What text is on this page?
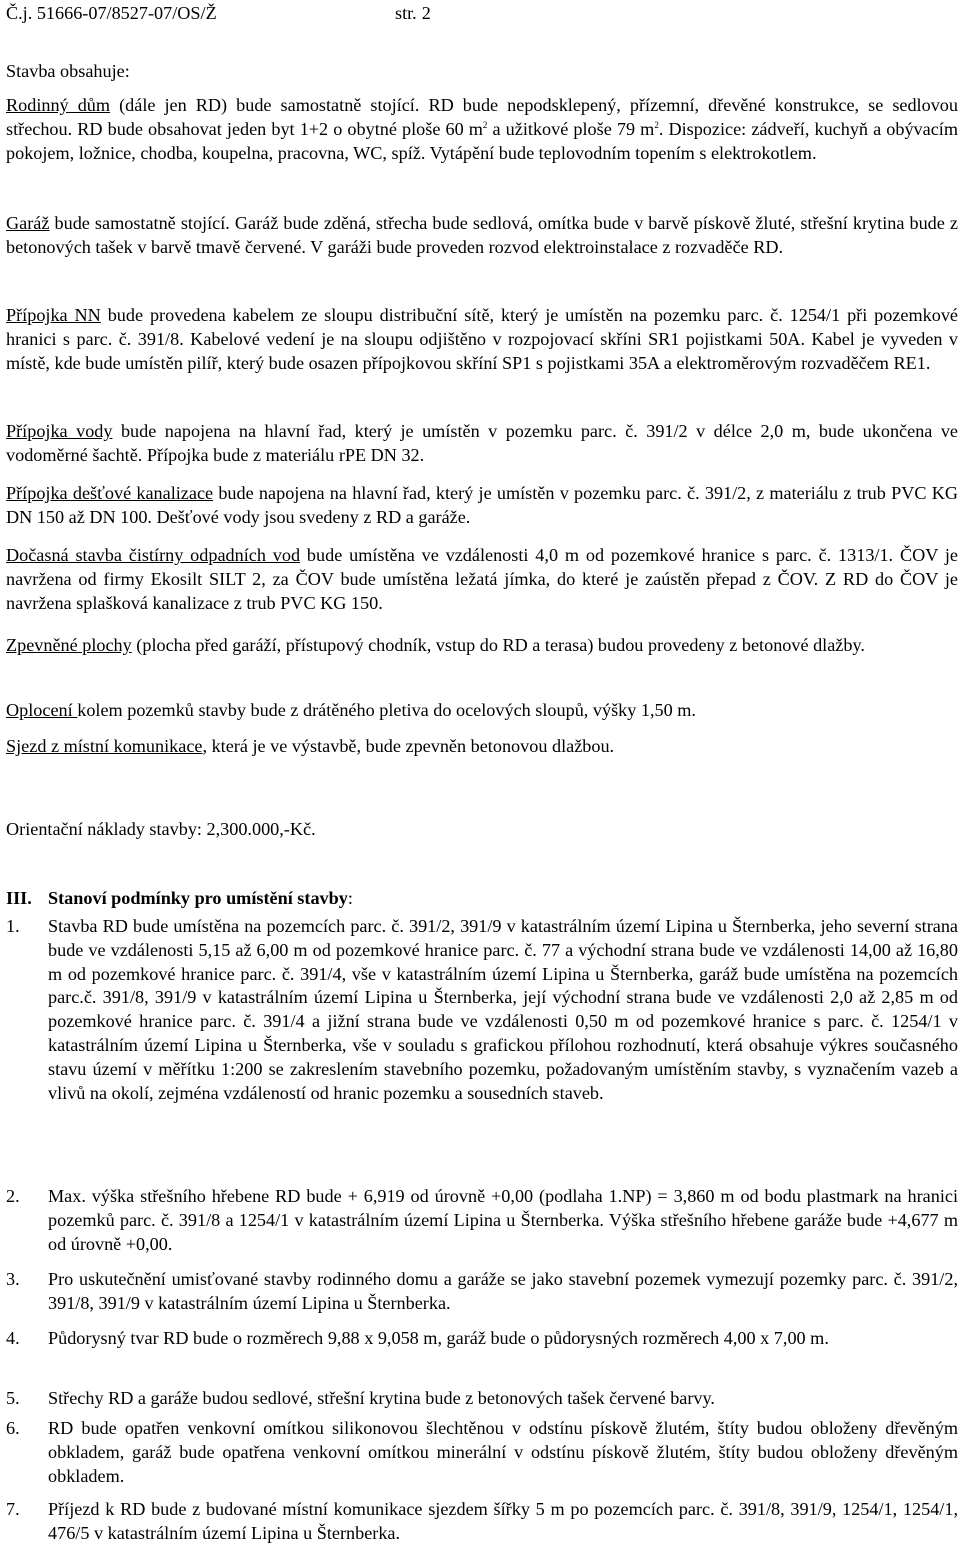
Č.j. 51666-07/8527-07/OS/Ž	str. 2
Stavba obsahuje:
Rodinný dům (dále jen RD) bude samostatně stojící. RD bude nepodsklepený, přízemní, dřevěné konstrukce, se sedlovou střechou. RD bude obsahovat jeden byt 1+2 o obytné ploše 60 $m^2$ a užitkové ploše 79 $m^2$. Dispozice: zádveří, kuchyň a obývacím pokojem, ložnice, chodba, koupelna, pracovna, WC, spíž. Vytápění bude teplovodním topením s elektrokotlem.
Garáž bude samostatně stojící. Garáž bude zděná, střecha bude sedlová, omítka bude v barvě pískově žluté, střešní krytina bude z betonových tašek v barvě tmavě červené. V garáži bude proveden rozvod elektroinstalace z rozvaděče RD.
Přípojka NN bude provedena kabelem ze sloupu distribuční sítě, který je umístěn na pozemku parc. č. 1254/1 při pozemkové hranici s parc. č. 391/8. Kabelové vedení je na sloupu odjištěno v rozpojovací skříni SR1 pojistkami 50A. Kabel je vyveden v místě, kde bude umístěn pilíř, který bude osazen přípojkovou skříní SP1 s pojistkami 35A a elektroměrovým rozvaděčem RE1.
Přípojka vody bude napojena na hlavní řad, který je umístěn v pozemku parc. č. 391/2 v délce 2,0 m, bude ukončena ve vodoměrné šachtě. Přípojka bude z materiálu rPE DN 32.
Přípojka dešťové kanalizace bude napojena na hlavní řad, který je umístěn v pozemku parc. č. 391/2, z materiálu z trub PVC KG DN 150 až DN 100. Dešťové vody jsou svedeny z RD a garáže.
Dočasná stavba čistírny odpadních vod bude umístěna ve vzdálenosti 4,0 m od pozemkové hranice s parc. č. 1313/1. ČOV je navržena od firmy Ekosilt SILT 2, za ČOV bude umístěna ležatá jímka, do které je zaústěn přepad z ČOV. Z RD do ČOV je navržena splašková kanalizace z trub PVC KG 150.
Zpevněné plochy (plocha před garáží, přístupový chodník, vstup do RD a terasa) budou provedeny z betonové dlažby.
Oplocení kolem pozemků stavby bude z drátěného pletiva do ocelových sloupů, výšky 1,50 m.
Sjezd z místní komunikace, která je ve výstavbě, bude zpevněn betonovou dlažbou.
Orientační náklady stavby: 2,300.000,-Kč.
III. Stanoví podmínky pro umístění stavby:
1.	Stavba RD bude umístěna na pozemcích parc. č. 391/2, 391/9 v katastrálním území Lipina u Šternberka, jeho severní strana bude ve vzdálenosti 5,15 až 6,00 m od pozemkové hranice parc. č. 77 a východní strana bude ve vzdálenosti 14,00 až 16,80 m od pozemkové hranice parc. č. 391/4, vše v katastrálním území Lipina u Šternberka, garáž bude umístěna na pozemcích parc.č. 391/8, 391/9 v katastrálním území Lipina u Šternberka, její východní strana bude ve vzdálenosti 2,0 až 2,85 m od pozemkové hranice parc. č. 391/4 a jižní strana bude ve vzdálenosti 0,50 m od pozemkové hranice s parc. č. 1254/1 v katastrálním území Lipina u Šternberka, vše v souladu s grafickou přílohou rozhodnutí, která obsahuje výkres současného stavu území v měřítku 1:200 se zakreslením stavebního pozemku, požadovaným umístěním stavby, s vyznačením vazeb a vlivů na okolí, zejména vzdáleností od hranic pozemku a sousedních staveb.
2.	Max. výška střešního hřebene RD bude + 6,919 od úrovně +0,00 (podlaha 1.NP) = 3,860 m od bodu plastmark na hranici pozemků parc. č. 391/8 a 1254/1 v katastrálním území Lipina u Šternberka. Výška střešního hřebene garáže bude +4,677 m od úrovně +0,00.
3.	Pro uskutečnění umisťované stavby rodinného domu a garáže se jako stavební pozemek vymezují pozemky parc. č. 391/2, 391/8, 391/9 v katastrálním území Lipina u Šternberka.
4.	Půdorysný tvar RD bude o rozměrech 9,88 x 9,058 m, garáž bude o půdorysných rozměrech 4,00 x 7,00 m.
5.	Střechy RD a garáže budou sedlové, střešní krytina bude z betonových tašek červené barvy.
6.	RD bude opatřen venkovní omítkou silikonovou šlechtěnou v odstínu pískově žlutém, štíty budou obloženy dřevěným obkladem, garáž bude opatřena venkovní omítkou minerální v odstínu pískově žlutém, štíty budou obloženy dřevěným obkladem.
7.	Příjezd k RD bude z budované místní komunikace sjezdem šířky 5 m po pozemcích parc. č. 391/8, 391/9, 1254/1, 1254/1, 476/5 v katastrálním území Lipina u Šternberka.
